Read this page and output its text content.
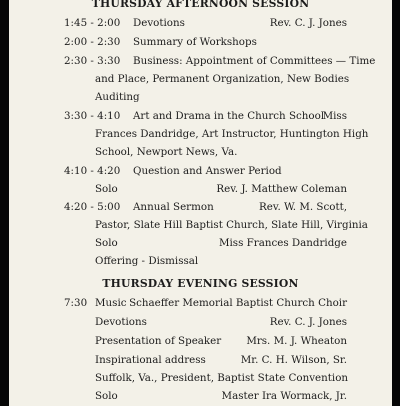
THURSDAY AFTERNOON SESSION
1:45 - 2:00 Devotions	Rev. C. J. Jones
2:00 - 2:30 Summary of Workshops
2:30 - 3:30 Business: Appointment of Committees — Time
and Place, Permanent Organization, New Bodies
Auditing
3:30 - 4:10 Art and Drama in the Church School
Miss
Frances Dandridge, Art Instructor, Huntington High
School, Newport News, Va.
4:10 - 4:20 Question and Answer Period
Solo	Rev. J. Matthew Coleman
4:20 - 5:00 Annual Sermon	Rev. W. M. Scott,
Pastor, Slate Hill Baptist Church, Slate Hill, Virginia
Solo	Miss Frances Dandridge
Offering - Dismissal
THURSDAY EVENING SESSION
7:30 Music Schaeffer Memorial Baptist Church Choir
Devotions	Rev. C. J. Jones
Presentation of Speaker Mrs. M. J. Wheaton
Inspirational address	Mr. C. H. Wilson, Sr.
Suffolk, Va., President, Baptist State Convention
Solo	Master Ira Wormack, Jr.
